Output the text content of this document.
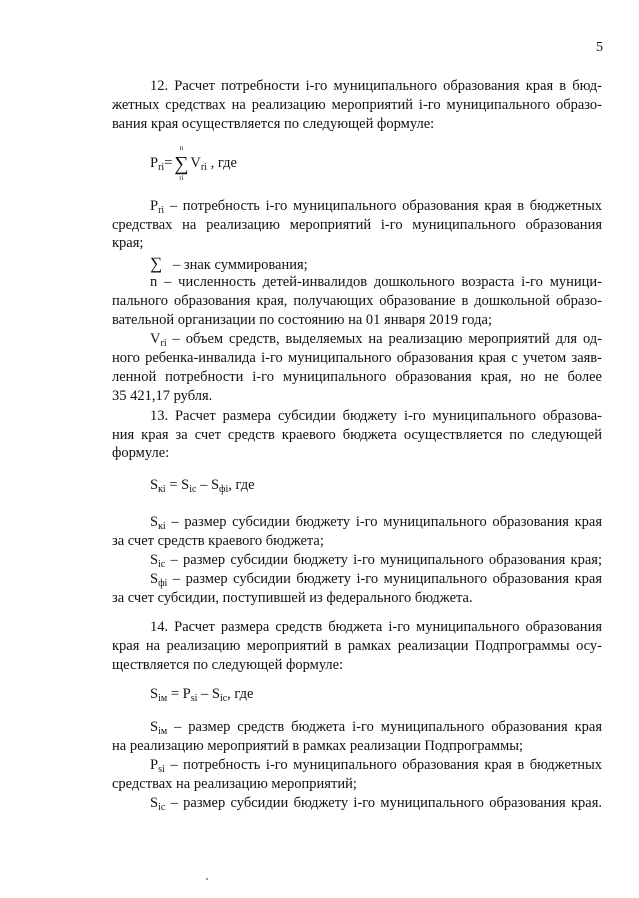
5
12. Расчет потребности i-го муниципального образования края в бюд-
жетных средствах на реализацию мероприятий i-го муниципального образо-
вания края осуществляется по следующей формуле:
$P_{ri}=$
n
∑
ri
$V_{ri}$ , где
$P_{ri}$ – потребность i-го муниципального образования края в бюджетных
средствах на реализацию мероприятий i-го муниципального образования
края;
∑ – знак суммирования;
n – численность детей-инвалидов дошкольного возраста i-го муници-
пального образования края, получающих образование в дошкольной образо-
вательной организации по состоянию на 01 января 2019 года;
$V_{ri}$ – объем средств, выделяемых на реализацию мероприятий для од-
ного ребенка-инвалида i-го муниципального образования края с учетом заяв-
ленной потребности i-го муниципального образования края, но не более
35 421,17 рубля.
13. Расчет размера субсидии бюджету i-го муниципального образова-
ния края за счет средств краевого бюджета осуществляется по следующей
формуле:
$S_{кi} = S_{ic} - S_{фi}$, где
$S_{кi}$ – размер субсидии бюджету i-го муниципального образования края
за счет средств краевого бюджета;
$S_{ic}$ – размер субсидии бюджету i-го муниципального образования края;
$S_{фi}$ – размер субсидии бюджету i-го муниципального образования края
за счет субсидии, поступившей из федерального бюджета.
14. Расчет размера средств бюджета i-го муниципального образования
края на реализацию мероприятий в рамках реализации Подпрограммы осу-
ществляется по следующей формуле:
$S_{iм} = P_{si} - S_{ic}$, где
$S_{iм}$ – размер средств бюджета i-го муниципального образования края
на реализацию мероприятий в рамках реализации Подпрограммы;
$P_{si}$ – потребность i-го муниципального образования края в бюджетных
средствах на реализацию мероприятий;
$S_{ic}$ – размер субсидии бюджету i-го муниципального образования края.
